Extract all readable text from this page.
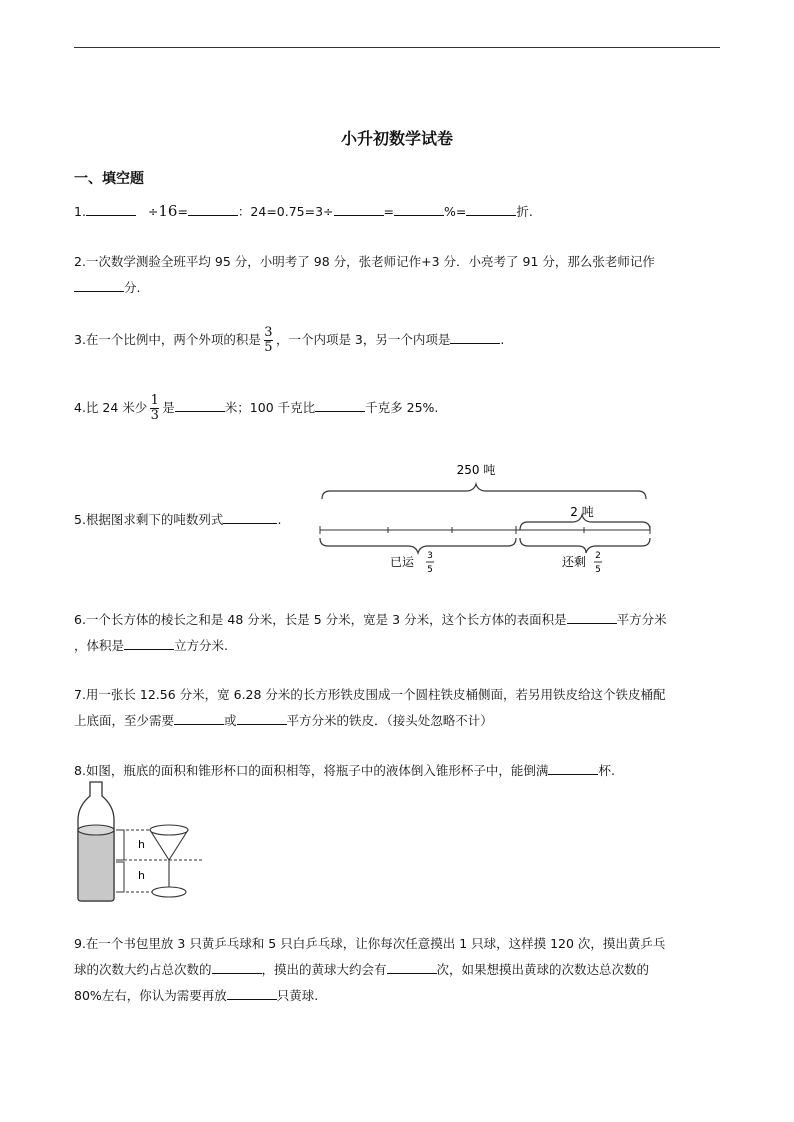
小升初数学试卷
一、填空题
1.	÷16=	：24=0.75=3÷	=	%=	折.
2.一次数学测验全班平均 95 分，小明考了 98 分，张老师记作+3 分．小亮考了 91 分，那么张老师记作
分.
3.在一个比例中，两个外项的积是 $\frac{3}{5}$ ，一个内项是 3，另一个内项是	.
4.比 24 米少 $\frac{1}{3}$ 是	米；100 千克比	千克多 25%.
5.根据图求剩下的吨数列式	.
250 吨
2 吨
已运 3
5
还剩 2
5
6.一个长方体的棱长之和是 48 分米，长是 5 分米，宽是 3 分米，这个长方体的表面积是	平方分米
，体积是	立方分米.
7.用一张长 12.56 分米，宽 6.28 分米的长方形铁皮围成一个圆柱铁皮桶侧面，若另用铁皮给这个铁皮桶配
上底面，至少需要	或	平方分米的铁皮．（接头处忽略不计）
8.如图，瓶底的面积和锥形杯口的面积相等，将瓶子中的液体倒入锥形杯子中，能倒满	杯.
h
h
9.在一个书包里放 3 只黄乒乓球和 5 只白乒乓球，让你每次任意摸出 1 只球，这样摸 120 次，摸出黄乒乓
球的次数大约占总次数的	，摸出的黄球大约会有	次，如果想摸出黄球的次数达总次数的
80%左右，你认为需要再放	只黄球.
